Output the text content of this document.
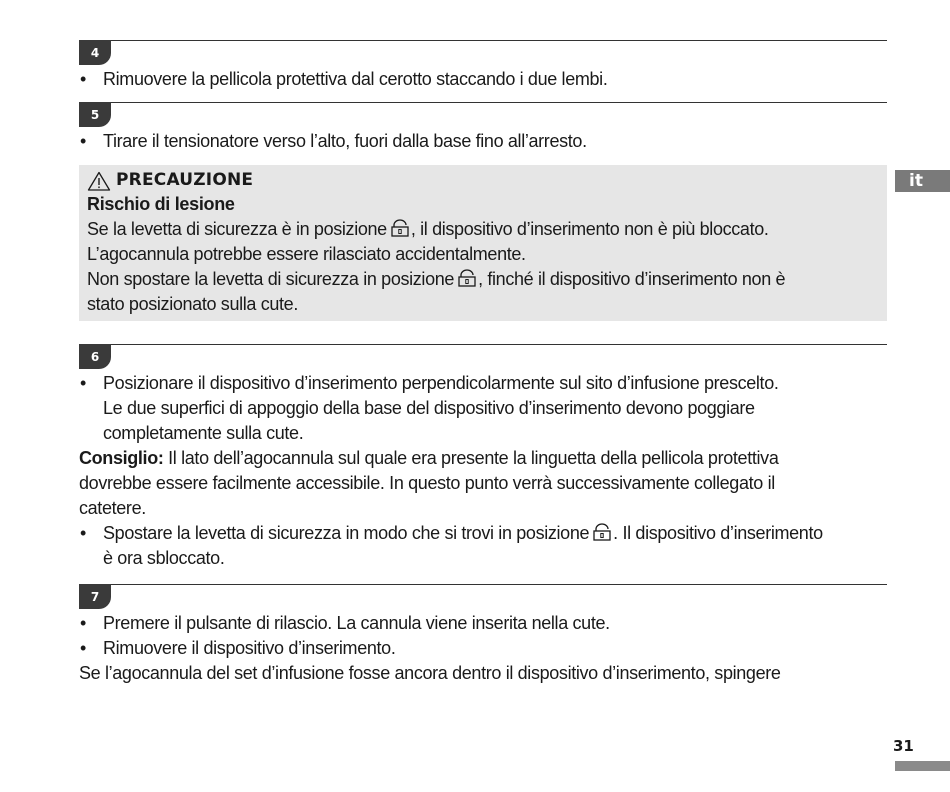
4
• Rimuovere la pellicola protettiva dal cerotto staccando i due lembi.
5
• Tirare il tensionatore verso l’alto, fuori dalla base fino all’arresto.
PRECAUZIONE
Rischio di lesione
Se la levetta di sicurezza è in posizione , il dispositivo d’inserimento non è più bloccato.
L’agocannula potrebbe essere rilasciato accidentalmente.
Non spostare la levetta di sicurezza in posizione , finché il dispositivo d’inserimento non è
stato posizionato sulla cute.
6
• Posizionare il dispositivo d’inserimento perpendicolarmente sul sito d’infusione prescelto.
Le due superfici di appoggio della base del dispositivo d’inserimento devono poggiare
completamente sulla cute.
Consiglio: Il lato dell’agocannula sul quale era presente la linguetta della pellicola protettiva
dovrebbe essere facilmente accessibile. In questo punto verrà successivamente collegato il
catetere.
• Spostare la levetta di sicurezza in modo che si trovi in posizione . Il dispositivo d’inserimento
è ora sbloccato.
7
• Premere il pulsante di rilascio. La cannula viene inserita nella cute.
• Rimuovere il dispositivo d’inserimento.
Se l’agocannula del set d’infusione fosse ancora dentro il dispositivo d’inserimento, spingere
it
31
